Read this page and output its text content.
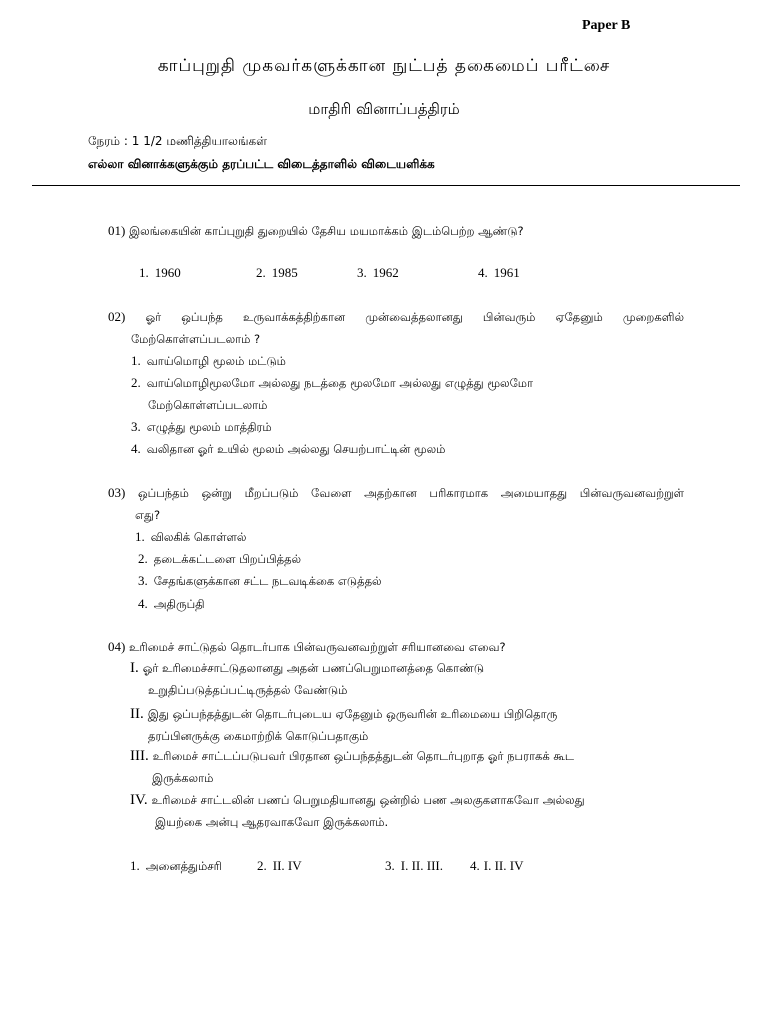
Paper B
காப்புறுதி முகவர்களுக்கான நுட்பத் தகைமைப் பரீட்சை
மாதிரி வினாப்பத்திரம்
நேரம் : 1 1/2 மணித்தியாலங்கள்
எல்லா வினாக்களுக்கும் தரப்பட்ட விடைத்தாளில் விடையளிக்க
01) இலங்கையின் காப்புறுதி துறையில் தேசிய மயமாக்கம் இடம்பெற்ற ஆண்டு?
1. 1960	2. 1985	3. 1962	4. 1961
02) ஓர் ஒப்பந்த உருவாக்கத்திற்கான முன்வைத்தலானது பின்வரும் ஏதேனும் முறைகளில்
மேற்கொள்ளப்படலாம் ?
1. வாய்மொழி மூலம் மட்டும்
2. வாய்மொழிமூலமோ அல்லது நடத்தை மூலமோ அல்லது எழுத்து மூலமோ
மேற்கொள்ளப்படலாம்
3. எழுத்து மூலம் மாத்திரம்
4. வலிதான ஓர் உயில் மூலம் அல்லது செயற்பாட்டின் மூலம்
03) ஒப்பந்தம் ஒன்று மீறப்படும் வேளை அதற்கான பரிகாரமாக அமையாதது பின்வருவனவற்றுள்
எது?
1. விலகிக் கொள்ளல்
2. தடைக்கட்டளை பிறப்பித்தல்
3. சேதங்களுக்கான சட்ட நடவடிக்கை எடுத்தல்
4. அதிருப்தி
04) உரிமைச் சாட்டுதல் தொடர்பாக பின்வருவனவற்றுள் சரியானவை எவை?
I. ஓர் உரிமைச்சாட்டுதலானது அதன் பணப்பெறுமானத்தை கொண்டு
உறுதிப்படுத்தப்பட்டிருத்தல் வேண்டும்
II. இது ஒப்பந்தத்துடன் தொடர்புடைய ஏதேனும் ஒருவரின் உரிமையை பிறிதொரு
தரப்பினருக்கு கைமாற்றிக் கொடுப்பதாகும்
III. உரிமைச் சாட்டப்படுபவர் பிரதான ஒப்பந்தத்துடன் தொடர்புறாத ஓர் நபராகக் கூட
இருக்கலாம்
IV. உரிமைச் சாட்டலின் பணப் பெறுமதியானது ஒன்றில் பண அலகுகளாகவோ அல்லது
இயற்கை அன்பு ஆதரவாகவோ இருக்கலாம்.
1. அனைத்தும்சரி	2. II. IV	3. I. II. III. 4. I. II. IV
